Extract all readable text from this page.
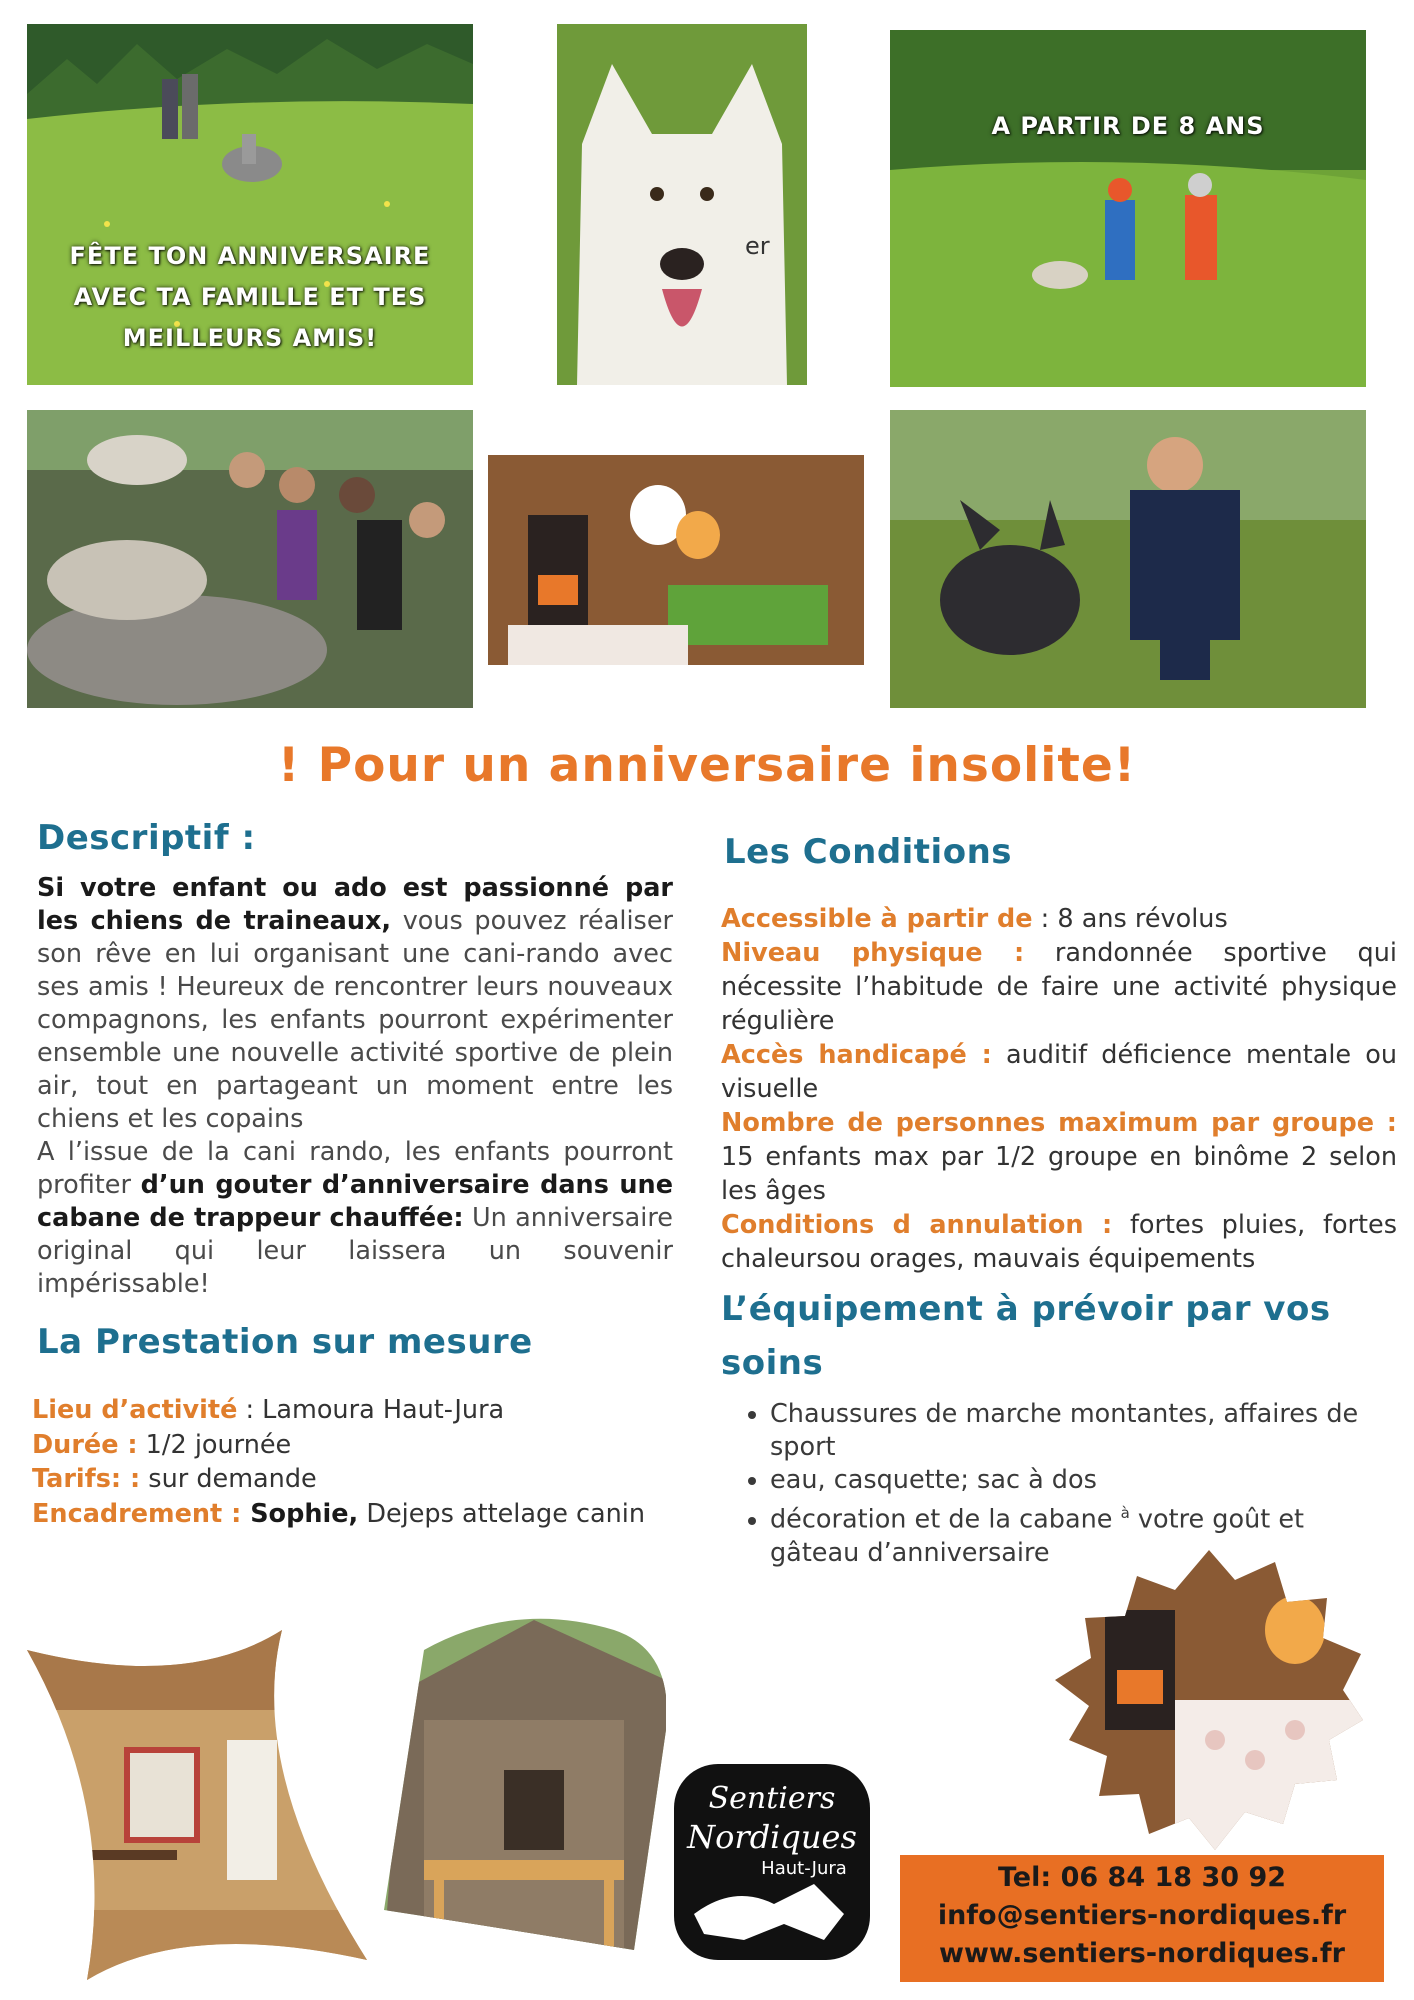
FÊTE TON ANNIVERSAIRE AVEC TA FAMILLE ET TES MEILLEURS AMIS!
er
A PARTIR DE 8 ANS
! Pour un anniversaire insolite!
Descriptif :

Si votre enfant ou ado est passionné par les chiens de traineaux, vous pouvez réaliser son rêve en lui organisant une cani-rando avec ses amis ! Heureux de rencontrer leurs nouveaux compagnons, les enfants pourront expérimenter ensemble une nouvelle activité sportive de plein air, tout en partageant un moment entre les chiens et les copains
A l’issue de la cani rando, les enfants pourront profiter d’un gouter d’anniversaire dans une cabane de trappeur chauffée: Un anniversaire original qui leur laissera un souvenir impérissable!

La Prestation sur mesure

Lieu d’activité : Lamoura Haut-Jura
Durée : 1/2 journée
Tarifs: : sur demande
Encadrement : Sophie, Dejeps attelage canin

Les Conditions

Accessible à partir de : 8 ans révolus
Niveau physique : randonnée sportive qui nécessite l’habitude de faire une activité physique régulière
Accès handicapé : auditif déficience mentale ou visuelle
Nombre de personnes maximum par groupe : 15 enfants max par 1/2 groupe en binôme 2 selon les âges
Conditions d annulation : fortes pluies, fortes chaleursou orages, mauvais équipements

L’équipement à prévoir par vos
soins
• Chaussures de marche montantes, affaires de sport
• eau, casquette; sac à dos
• décoration et de la cabane $^à$ votre goût et gâteau d’anniversaire
Sentiers
Nordiques
Haut-Jura	Tel: 06 84 18 30 92
info@sentiers-nordiques.fr
www.sentiers-nordiques.fr
